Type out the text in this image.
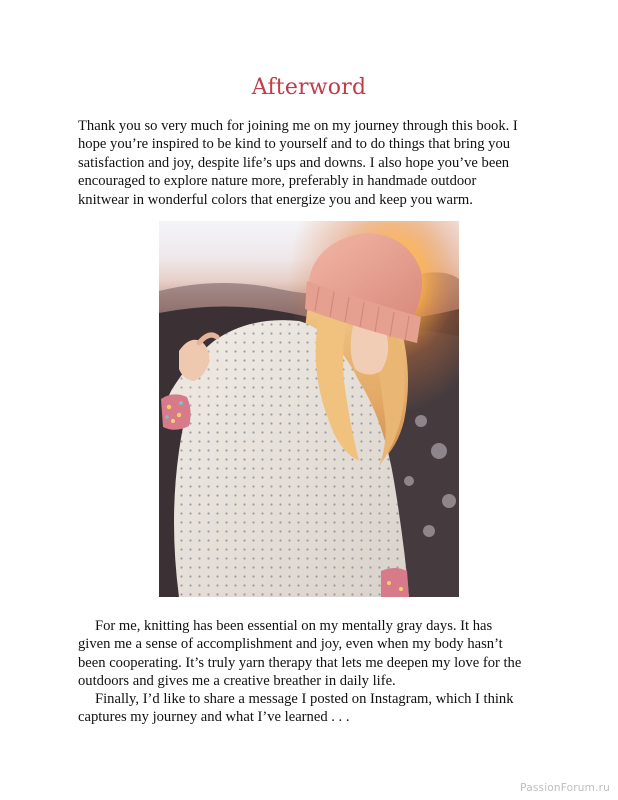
Afterword

Thank you so very much for joining me on my journey through this book. I
hope you’re inspired to be kind to yourself and to do things that bring you
satisfaction and joy, despite life’s ups and downs. I also hope you’ve been
encouraged to explore nature more, preferably in handmade outdoor
knitwear in wonderful colors that energize you and keep you warm.

For me, knitting has been essential on my mentally gray days. It has
given me a sense of accomplishment and joy, even when my body hasn’t
been cooperating. It’s truly yarn therapy that lets me deepen my love for the
outdoors and gives me a creative breather in daily life.

Finally, I’d like to share a message I posted on Instagram, which I think
captures my journey and what I’ve learned . . .

PassionForum.ru
